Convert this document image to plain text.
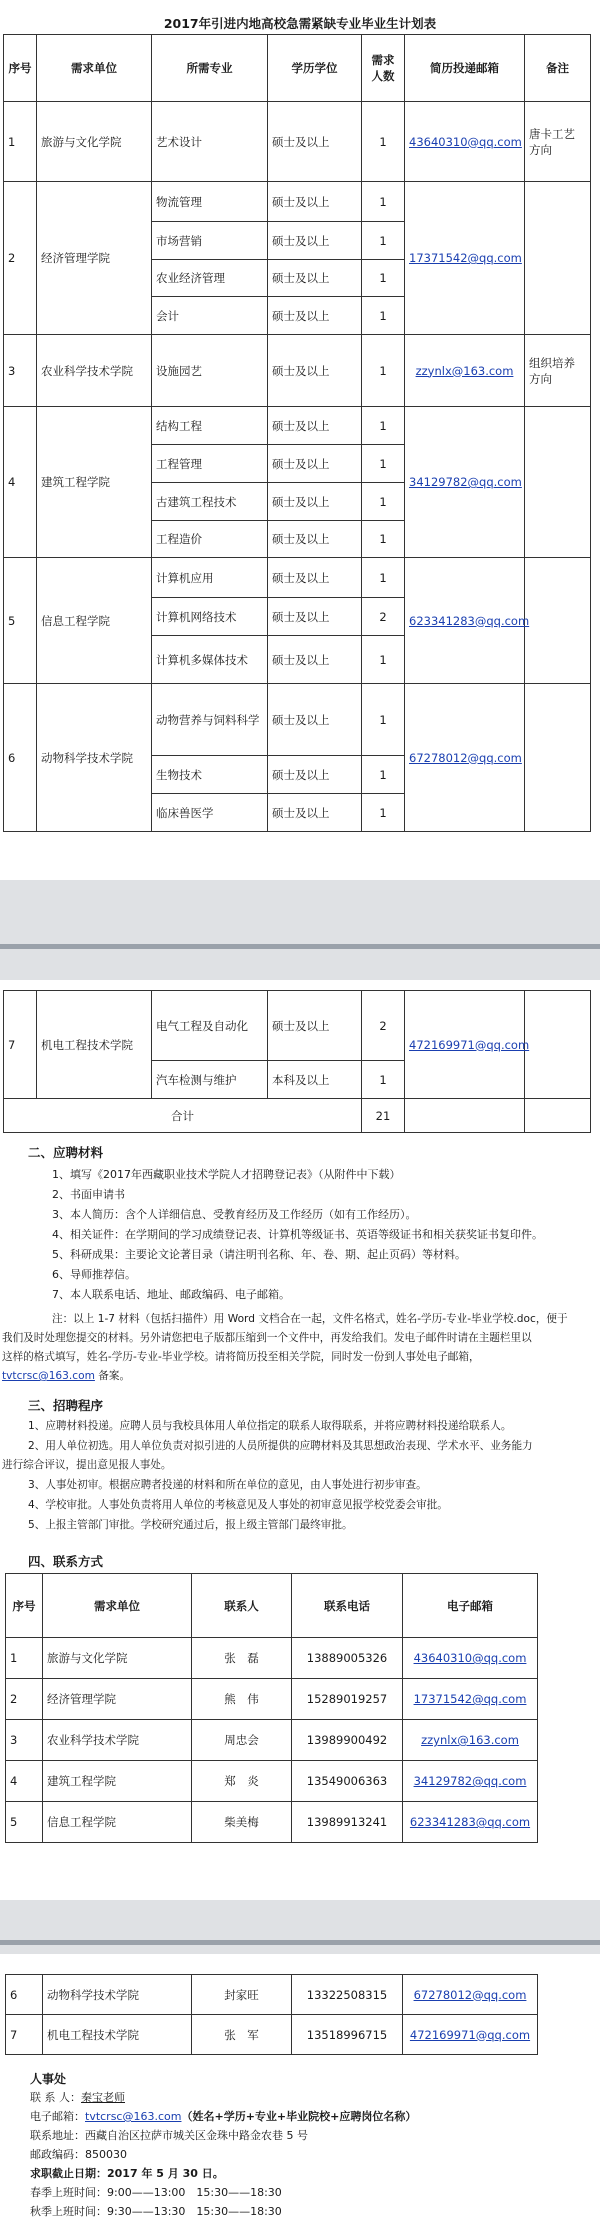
2017年引进内地高校急需紧缺专业毕业生计划表
序号	需求单位	所需专业	学历学位	需求人数	简历投递邮箱	备注
1	旅游与文化学院	艺术设计	硕士及以上	1	43640310@qq.com	唐卡工艺方向
2	经济管理学院	物流管理	硕士及以上	1	17371542@qq.com	
		市场营销	硕士及以上	1		
		农业经济管理	硕士及以上	1		
		会计	硕士及以上	1		
3	农业科学技术学院	设施园艺	硕士及以上	1	zzynlx@163.com	组织培养方向
4	建筑工程学院	结构工程	硕士及以上	1	34129782@qq.com	
		工程管理	硕士及以上	1		
		古建筑工程技术	硕士及以上	1		
		工程造价	硕士及以上	1		
5	信息工程学院	计算机应用	硕士及以上	1	623341283@qq.com	
		计算机网络技术	硕士及以上	2		
		计算机多媒体技术	硕士及以上	1		
6	动物科学技术学院	动物营养与饲料科学	硕士及以上	1	67278012@qq.com	
		生物技术	硕士及以上	1		
		临床兽医学	硕士及以上	1		
7	机电工程技术学院	电气工程及自动化	硕士及以上	2	472169971@qq.com	
		汽车检测与维护	本科及以上	1		
合计				21		
二、应聘材料
1、填写《2017年西藏职业技术学院人才招聘登记表》（从附件中下载）
2、书面申请书
3、本人简历：含个人详细信息、受教育经历及工作经历（如有工作经历）。
4、相关证件：在学期间的学习成绩登记表、计算机等级证书、英语等级证书和相关获奖证书复印件。
5、科研成果：主要论文论著目录（请注明刊名称、年、卷、期、起止页码）等材料。
6、导师推荐信。
7、本人联系电话、地址、邮政编码、电子邮箱。
注：以上 1-7 材料（包括扫描件）用 Word 文档合在一起，文件名格式，姓名-学历-专业-毕业学校.doc，便于
我们及时处理您提交的材料。另外请您把电子版都压缩到一个文件中，再发给我们。发电子邮件时请在主题栏里以
这样的格式填写，姓名-学历-专业-毕业学校。请将简历投至相关学院，同时发一份到人事处电子邮箱，
tvtcrsc@163.com 备案。
三、招聘程序
1、应聘材料投递。应聘人员与我校具体用人单位指定的联系人取得联系，并将应聘材料投递给联系人。
2、用人单位初选。用人单位负责对拟引进的人员所提供的应聘材料及其思想政治表现、学术水平、业务能力
进行综合评议，提出意见报人事处。
3、人事处初审。根据应聘者投递的材料和所在单位的意见，由人事处进行初步审查。
4、学校审批。人事处负责将用人单位的考核意见及人事处的初审意见报学校党委会审批。
5、上报主管部门审批。学校研究通过后，报上级主管部门最终审批。
四、联系方式
序号	需求单位	联系人	联系电话	电子邮箱
1	旅游与文化学院	张　磊	13889005326	43640310@qq.com
2	经济管理学院	熊　伟	15289019257	17371542@qq.com
3	农业科学技术学院	周忠会	13989900492	zzynlx@163.com
4	建筑工程学院	郑　炎	13549006363	34129782@qq.com
5	信息工程学院	柴美梅	13989913241	623341283@qq.com
6	动物科学技术学院	封家旺	13322508315	67278012@qq.com
7	机电工程技术学院	张　军	13518996715	472169971@qq.com
人事处
联 系 人：秦宝老师
电子邮箱：tvtcrsc@163.com（姓名+学历+专业+毕业院校+应聘岗位名称）
联系地址：西藏自治区拉萨市城关区金珠中路金农巷 5 号
邮政编码：850030
求职截止日期：2017 年 5 月 30 日。
春季上班时间：9:00——13:00　15:30——18:30
秋季上班时间：9:30——13:30　15:30——18:30
